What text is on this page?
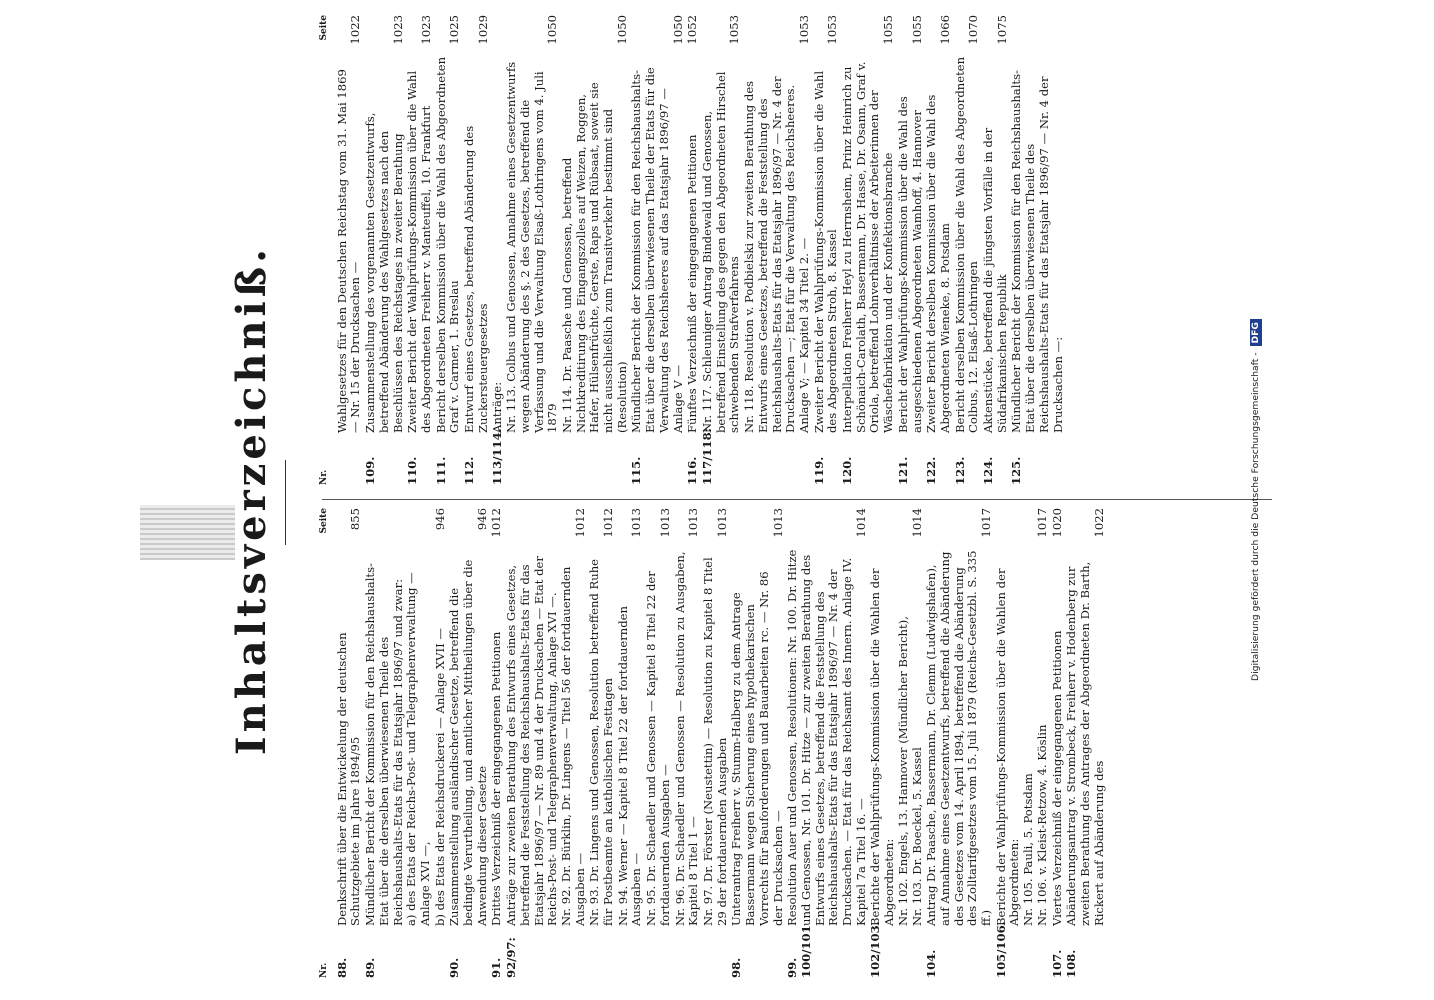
Inhaltsverzeichniß.
Nr.
Seite
88.
Denkschrift über die Entwickelung der deutschen Schutzgebiete im Jahre 1894/95
855
89.
Mündlicher Bericht der Kommission für den Reichshaushalts-Etat über die derselben überwiesenen Theile des Reichshaushalts-Etats für das Etatsjahr 1896/97 und zwar:
a) des Etats der Reichs-Post- und Telegraphenverwaltung — Anlage XVI —, b) des Etats der Reichsdruckerei — Anlage XVII —
946
90.
Zusammenstellung ausländischer Gesetze, betreffend die bedingte Verurtheilung, und amtlicher Mittheilungen über die Anwendung dieser Gesetze
946
91.
Drittes Verzeichniß der eingegangenen Petitionen
1012
92/97:
Anträge zur zweiten Berathung des Entwurfs eines Gesetzes, betreffend die Feststellung des Reichshaushalts-Etats für das Etatsjahr 1896/97 — Nr. 89 und 4 der Drucksachen — Etat der Reichs-Post- und Telegraphenverwaltung, Anlage XVI —.
Nr. 92. Dr. Bürklin, Dr. Lingens — Titel 56 der fortdauernden Ausgaben —
1012
Nr. 93. Dr. Lingens und Genossen, Resolution betreffend Ruhe für Postbeamte an katholischen Festtagen
1012
Nr. 94. Werner — Kapitel 8 Titel 22 der fortdauernden Ausgaben —
1013
Nr. 95. Dr. Schaedler und Genossen — Kapitel 8 Titel 22 der fortdauernden Ausgaben —
1013
Nr. 96. Dr. Schaedler und Genossen — Resolution zu Ausgaben, Kapitel 8 Titel 1 —
1013
Nr. 97. Dr. Förster (Neustettin) — Resolution zu Kapitel 8 Titel 29 der fortdauernden Ausgaben
1013
98.
Unterantrag Freiherr v. Stumm-Halberg zu dem Antrage Bassermann wegen Sicherung eines hypothekarischen Vorrechts für Bauforderungen und Bauarbeiten rc. — Nr. 86 der Drucksachen —
1013
99. 100/101
Resolution Auer und Genossen, Resolutionen: Nr. 100. Dr. Hitze und Genossen, Nr. 101. Dr. Hitze — zur zweiten Berathung des Entwurfs eines Gesetzes, betreffend die Feststellung des Reichshaushalts-Etats für das Etatsjahr 1896/97 — Nr. 4 der Drucksachen. — Etat für das Reichsamt des Innern. Anlage IV. Kapitel 7a Titel 16. —
1014
102/103.
Berichte der Wahlprüfungs-Kommission über die Wahlen der Abgeordneten:
Nr. 102. Engels, 13. Hannover (Mündlicher Bericht),
Nr. 103. Dr. Boeckel, 5. Kassel
1014
104.
Antrag Dr. Paasche, Bassermann, Dr. Clemm (Ludwigshafen), auf Annahme eines Gesetzentwurfs, betreffend die Abänderung des Gesetzes vom 14. April 1894, betreffend die Abänderung des Zolltarifgesetzes vom 15. Juli 1879 (Reichs-Gesetzbl. S. 335 ff.)
1017
105/106.
Berichte der Wahlprüfungs-Kommission über die Wahlen der Abgeordneten:
Nr. 105. Pauli, 5. Potsdam
Nr. 106. v. Kleist-Retzow, 4. Köslin
1017
107.
Viertes Verzeichniß der eingegangenen Petitionen
1020
108.
Abänderungsantrag v. Strombeck, Freiherr v. Hodenberg zur zweiten Berathung des Antrages der Abgeordneten Dr. Barth, Rickert auf Abänderung des
1022
Nr.
Seite
Wahlgesetzes für den Deutschen Reichstag vom 31. Mai 1869 — Nr. 15 der Drucksachen —
1022
109.
Zusammenstellung des vorgenannten Gesetzentwurfs, betreffend Abänderung des Wahlgesetzes nach den Beschlüssen des Reichstages in zweiter Berathung
1023
110.
Zweiter Bericht der Wahlprüfungs-Kommission über die Wahl des Abgeordneten Freiherr v. Manteuffel, 10. Frankfurt
1023
111.
Bericht derselben Kommission über die Wahl des Abgeordneten Graf v. Carmer, 1. Breslau
1025
112.
Entwurf eines Gesetzes, betreffend Abänderung des Zuckersteuergesetzes
1029
113/114.
Anträge:
Nr. 113. Colbus und Genossen, Annahme eines Gesetzentwurfs wegen Abänderung des §. 2 des Gesetzes, betreffend die Verfassung und die Verwaltung Elsaß-Lothringens vom 4. Juli 1879
1050
Nr. 114. Dr. Paasche und Genossen, betreffend Nichtkreditirung des Eingangszolles auf Weizen, Roggen, Hafer, Hülsenfrüchte, Gerste, Raps und Rübsaat, soweit sie nicht ausschließlich zum Transitverkehr bestimmt sind (Resolution)
1050
115.
Mündlicher Bericht der Kommission für den Reichshaushalts-Etat über die derselben überwiesenen Theile der Etats für die Verwaltung des Reichsheeres auf das Etatsjahr 1896/97 — Anlage V —
1050
116.
Fünftes Verzeichniß der eingegangenen Petitionen
1052
117/118:
Nr. 117. Schleuniger Antrag Bindewald und Genossen, betreffend Einstellung des gegen den Abgeordneten Hirschel schwebenden Strafverfahrens
1053
Nr. 118. Resolution v. Podbielski zur zweiten Berathung des Entwurfs eines Gesetzes, betreffend die Feststellung des Reichshaushalts-Etats für das Etatsjahr 1896/97 — Nr. 4 der Drucksachen —; Etat für die Verwaltung des Reichsheeres. Anlage V; — Kapitel 34 Titel 2. —
1053
119.
Zweiter Bericht der Wahlprüfungs-Kommission über die Wahl des Abgeordneten Stroh, 8. Kassel
1053
120.
Interpellation Freiherr Heyl zu Herrnsheim, Prinz Heinrich zu Schönaich-Carolath, Bassermann, Dr. Hasse, Dr. Osann, Graf v. Oriola, betreffend Lohnverhältnisse der Arbeiterinnen der Wäschefabrikation und der Konfektionsbranche
1055
121.
Bericht der Wahlprüfungs-Kommission über die Wahl des ausgeschiedenen Abgeordneten Wamhoff, 4. Hannover
1055
122.
Zweiter Bericht derselben Kommission über die Wahl des Abgeordneten Wieneke, 8. Potsdam
1066
123.
Bericht derselben Kommission über die Wahl des Abgeordneten Colbus, 12. Elsaß-Lothringen
1070
124.
Aktenstücke, betreffend die jüngsten Vorfälle in der Südafrikanischen Republik
1075
125.
Mündlicher Bericht der Kommission für den Reichshaushalts-Etat über die derselben überwiesenen Theile des Reichshaushalts-Etats für das Etatsjahr 1896/97 — Nr. 4 der Drucksachen —:	Digitalisierung gefördert durch die Deutsche Forschungsgemeinschaft - DFG
